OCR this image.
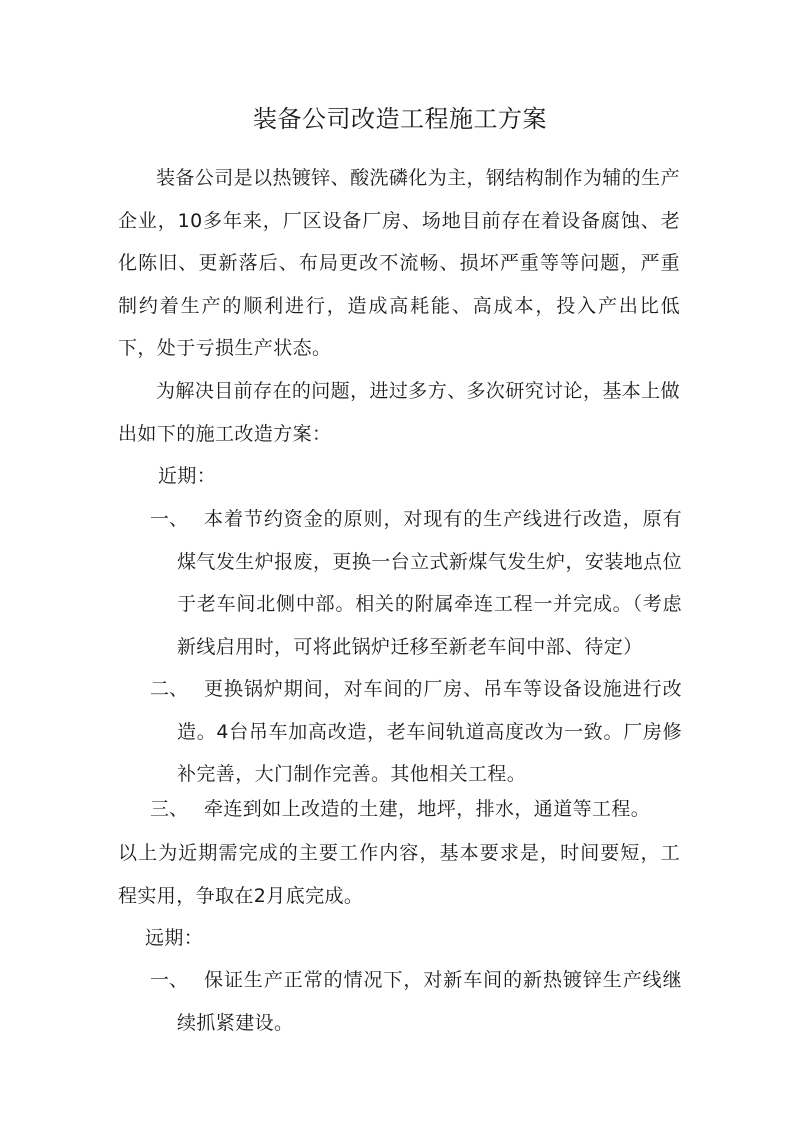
装备公司改造工程施工方案
装备公司是以热镀锌、酸洗磷化为主，钢结构制作为辅的生产企业，10多年来，厂区设备厂房、场地目前存在着设备腐蚀、老化陈旧、更新落后、布局更改不流畅、损坏严重等等问题，严重制约着生产的顺利进行，造成高耗能、高成本，投入产出比低下，处于亏损生产状态。
为解决目前存在的问题，进过多方、多次研究讨论，基本上做出如下的施工改造方案：
近期：
一、 本着节约资金的原则，对现有的生产线进行改造，原有煤气发生炉报废，更换一台立式新煤气发生炉，安装地点位于老车间北侧中部。相关的附属牵连工程一并完成。（考虑新线启用时，可将此锅炉迁移至新老车间中部、待定）
二、 更换锅炉期间，对车间的厂房、吊车等设备设施进行改造。4台吊车加高改造，老车间轨道高度改为一致。厂房修补完善，大门制作完善。其他相关工程。
三、 牵连到如上改造的土建，地坪，排水，通道等工程。
以上为近期需完成的主要工作内容，基本要求是，时间要短，工程实用，争取在2月底完成。
远期：
一、 保证生产正常的情况下，对新车间的新热镀锌生产线继续抓紧建设。
